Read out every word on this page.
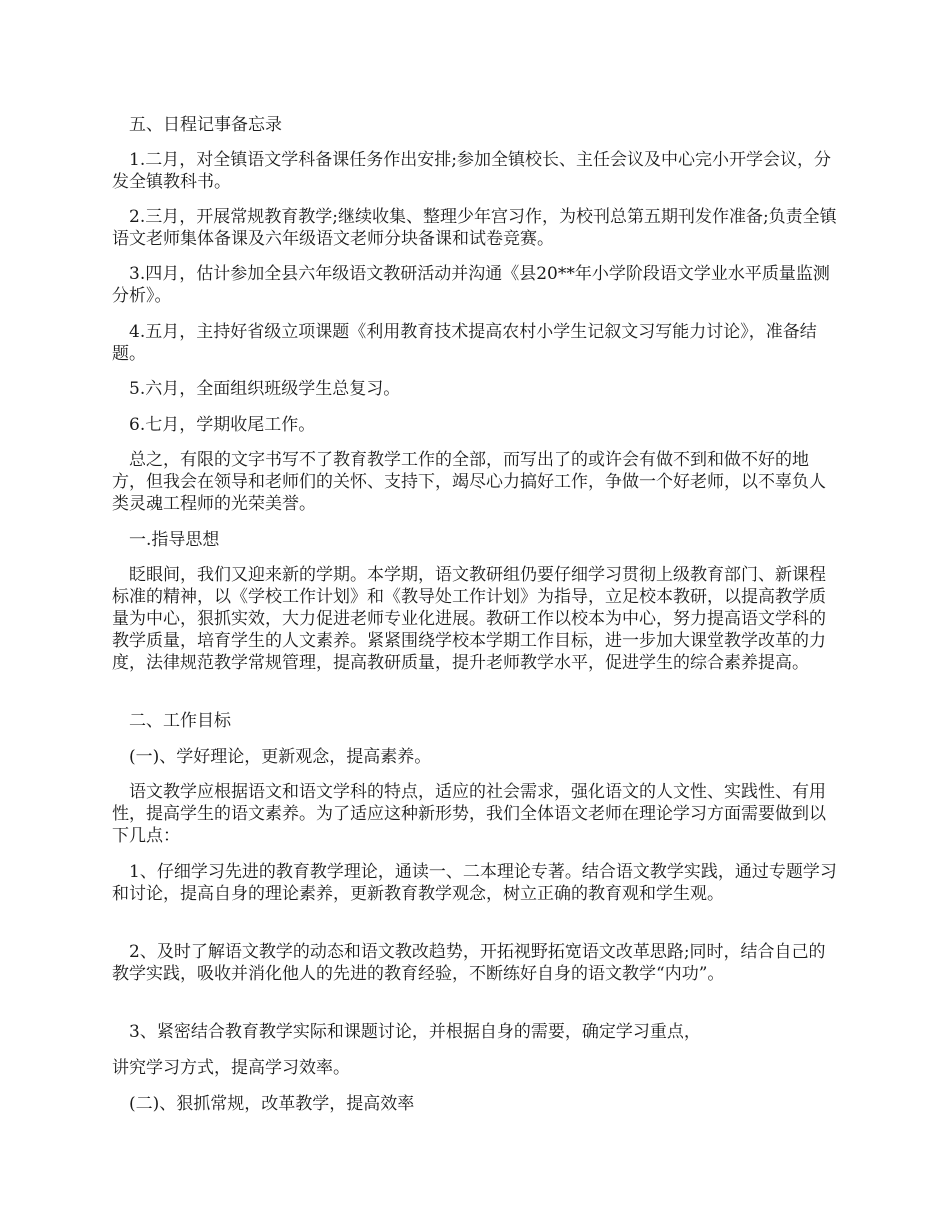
　五、日程记事备忘录

　1.二月，对全镇语文学科备课任务作出安排;参加全镇校长、主任会议及中心完小开学会议，分发全镇教科书。

　2.三月，开展常规教育教学;继续收集、整理少年宫习作，为校刊总第五期刊发作准备;负责全镇语文老师集体备课及六年级语文老师分块备课和试卷竞赛。

　3.四月，估计参加全县六年级语文教研活动并沟通《县20**年小学阶段语文学业水平质量监测分析》。

　4.五月，主持好省级立项课题《利用教育技术提高农村小学生记叙文习写能力讨论》，准备结题。

　5.六月，全面组织班级学生总复习。

　6.七月，学期收尾工作。

　总之，有限的文字书写不了教育教学工作的全部，而写出了的或许会有做不到和做不好的地方，但我会在领导和老师们的关怀、支持下，竭尽心力搞好工作，争做一个好老师，以不辜负人类灵魂工程师的光荣美誉。

　一.指导思想

　眨眼间，我们又迎来新的学期。本学期，语文教研组仍要仔细学习贯彻上级教育部门、新课程标准的精神，以《学校工作计划》和《教导处工作计划》为指导，立足校本教研，以提高教学质量为中心，狠抓实效，大力促进老师专业化进展。教研工作以校本为中心，努力提高语文学科的教学质量，培育学生的人文素养。紧紧围绕学校本学期工作目标，进一步加大课堂教学改革的力度，法律规范教学常规管理，提高教研质量，提升老师教学水平，促进学生的综合素养提高。

　二、工作目标

　(一)、学好理论，更新观念，提高素养。

　语文教学应根据语文和语文学科的特点，适应的社会需求，强化语文的人文性、实践性、有用性，提高学生的语文素养。为了适应这种新形势，我们全体语文老师在理论学习方面需要做到以下几点：

　1、仔细学习先进的教育教学理论，通读一、二本理论专著。结合语文教学实践，通过专题学习和讨论，提高自身的理论素养，更新教育教学观念，树立正确的教育观和学生观。

　2、及时了解语文教学的动态和语文教改趋势，开拓视野拓宽语文改革思路;同时，结合自己的教学实践，吸收并消化他人的先进的教育经验，不断练好自身的语文教学“内功”。

　3、紧密结合教育教学实际和课题讨论，并根据自身的需要，确定学习重点，

讲究学习方式，提高学习效率。

　(二)、狠抓常规，改革教学，提高效率
